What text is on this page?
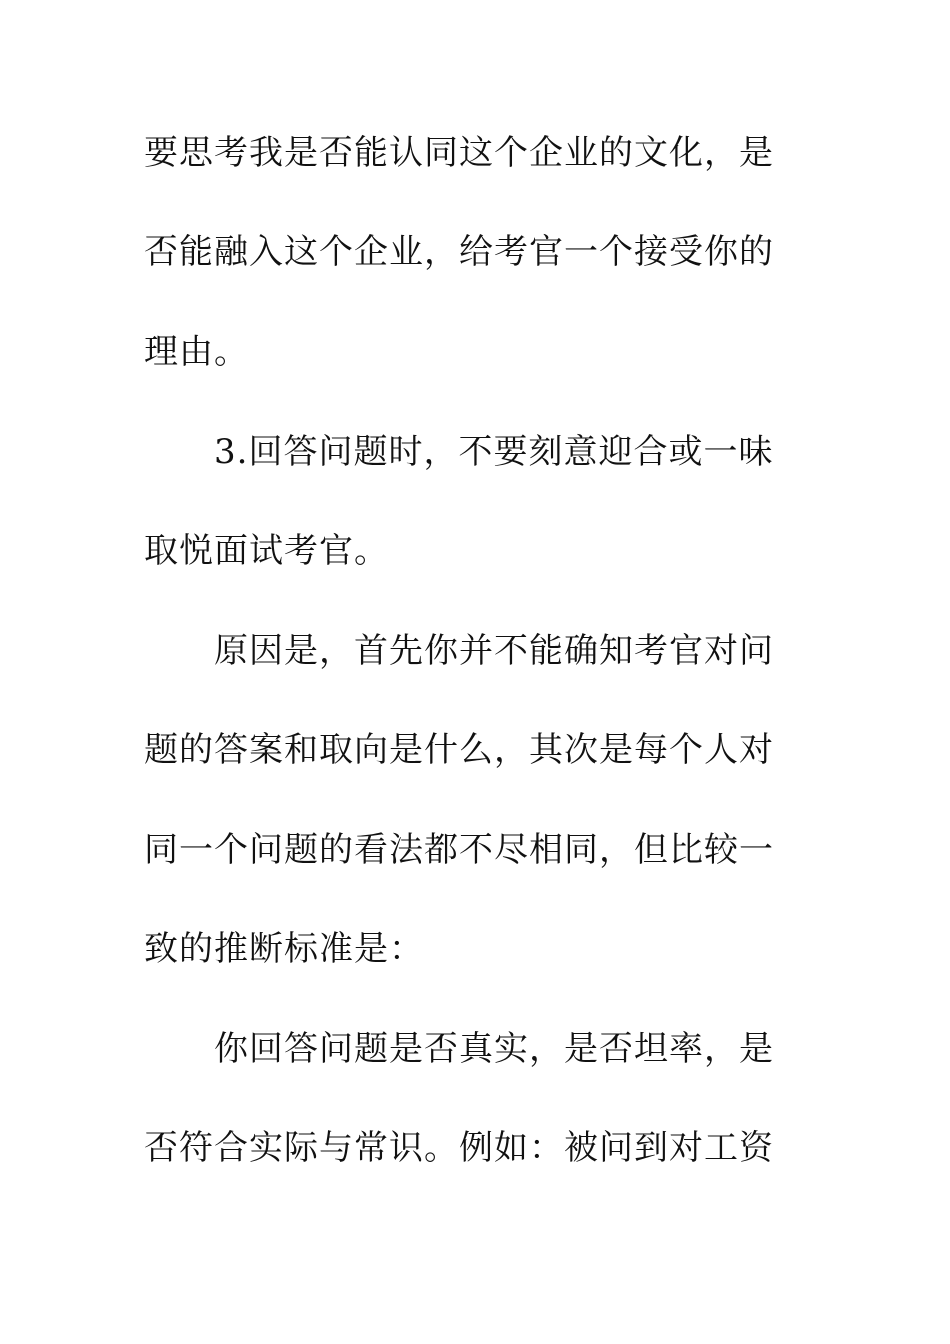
要思考我是否能认同这个企业的文化，是
否能融入这个企业，给考官一个接受你的
理由。
3.回答问题时，不要刻意迎合或一味
取悦面试考官。
原因是，首先你并不能确知考官对问
题的答案和取向是什么，其次是每个人对
同一个问题的看法都不尽相同，但比较一
致的推断标准是：
你回答问题是否真实，是否坦率，是
否符合实际与常识。例如：被问到对工资
